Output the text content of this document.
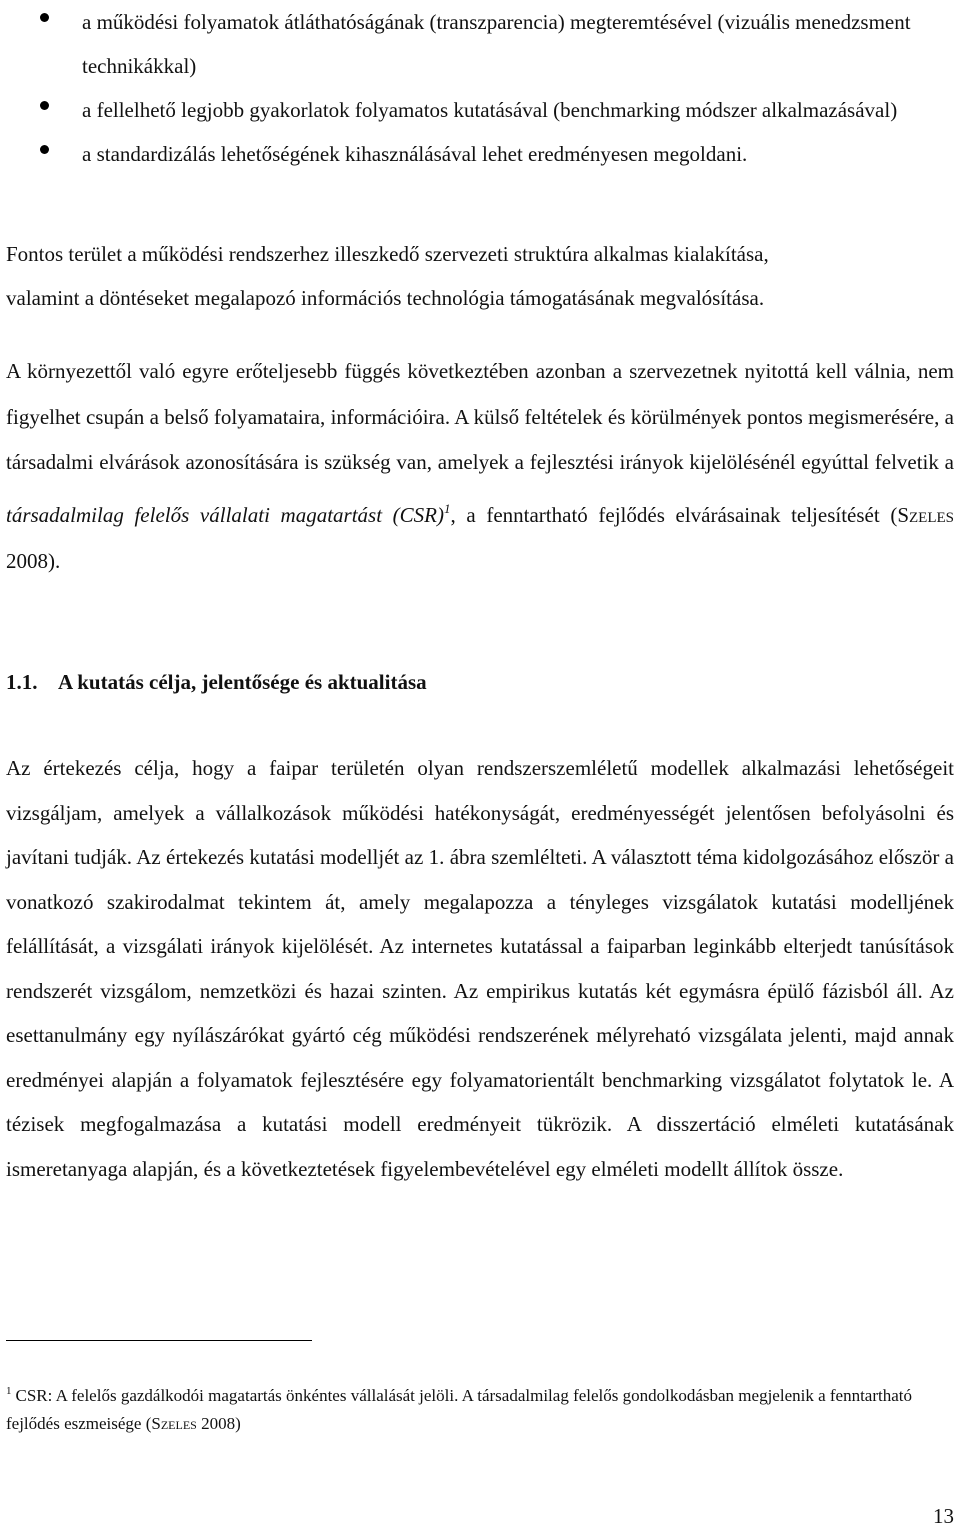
a működési folyamatok átláthatóságának (transzparencia) megteremtésével (vizuális menedzsment technikákkal)
a fellelhető legjobb gyakorlatok folyamatos kutatásával (benchmarking módszer alkalmazásával)
a standardizálás lehetőségének kihasználásával lehet eredményesen megoldani.

Fontos terület a működési rendszerhez illeszkedő szervezeti struktúra alkalmas kialakítása,
valamint a döntéseket megalapozó információs technológia támogatásának megvalósítása.

A környezettől való egyre erőteljesebb függés következtében azonban a szervezetnek nyitottá kell válnia, nem figyelhet csupán a belső folyamataira, információira. A külső feltételek és körülmények pontos megismerésére, a társadalmi elvárások azonosítására is szükség van, amelyek a fejlesztési irányok kijelölésénél egyúttal felvetik a társadalmilag felelős vállalati magatartást (CSR)$^1$, a fenntartható fejlődés elvárásainak teljesítését (Szeles 2008).

1.1. A kutatás célja, jelentősége és aktualitása

Az értekezés célja, hogy a faipar területén olyan rendszerszemléletű modellek alkalmazási lehetőségeit vizsgáljam, amelyek a vállalkozások működési hatékonyságát, eredményességét jelentősen befolyásolni és javítani tudják. Az értekezés kutatási modelljét az 1. ábra szemlélteti. A választott téma kidolgozásához először a vonatkozó szakirodalmat tekintem át, amely megalapozza a tényleges vizsgálatok kutatási modelljének felállítását, a vizsgálati irányok kijelölését. Az internetes kutatással a faiparban leginkább elterjedt tanúsítások rendszerét vizsgálom, nemzetközi és hazai szinten. Az empirikus kutatás két egymásra épülő fázisból áll. Az esettanulmány egy nyílászárókat gyártó cég működési rendszerének mélyreható vizsgálata jelenti, majd annak eredményei alapján a folyamatok fejlesztésére egy folyamatorientált benchmarking vizsgálatot folytatok le. A tézisek megfogalmazása a kutatási modell eredményeit tükrözik. A disszertáció elméleti kutatásának ismeretanyaga alapján, és a következtetések figyelembevételével egy elméleti modellt állítok össze.

$^1$ CSR: A felelős gazdálkodói magatartás önkéntes vállalását jelöli. A társadalmilag felelős gondolkodásban megjelenik a fenntartható fejlődés eszmeisége (Szeles 2008)

13
